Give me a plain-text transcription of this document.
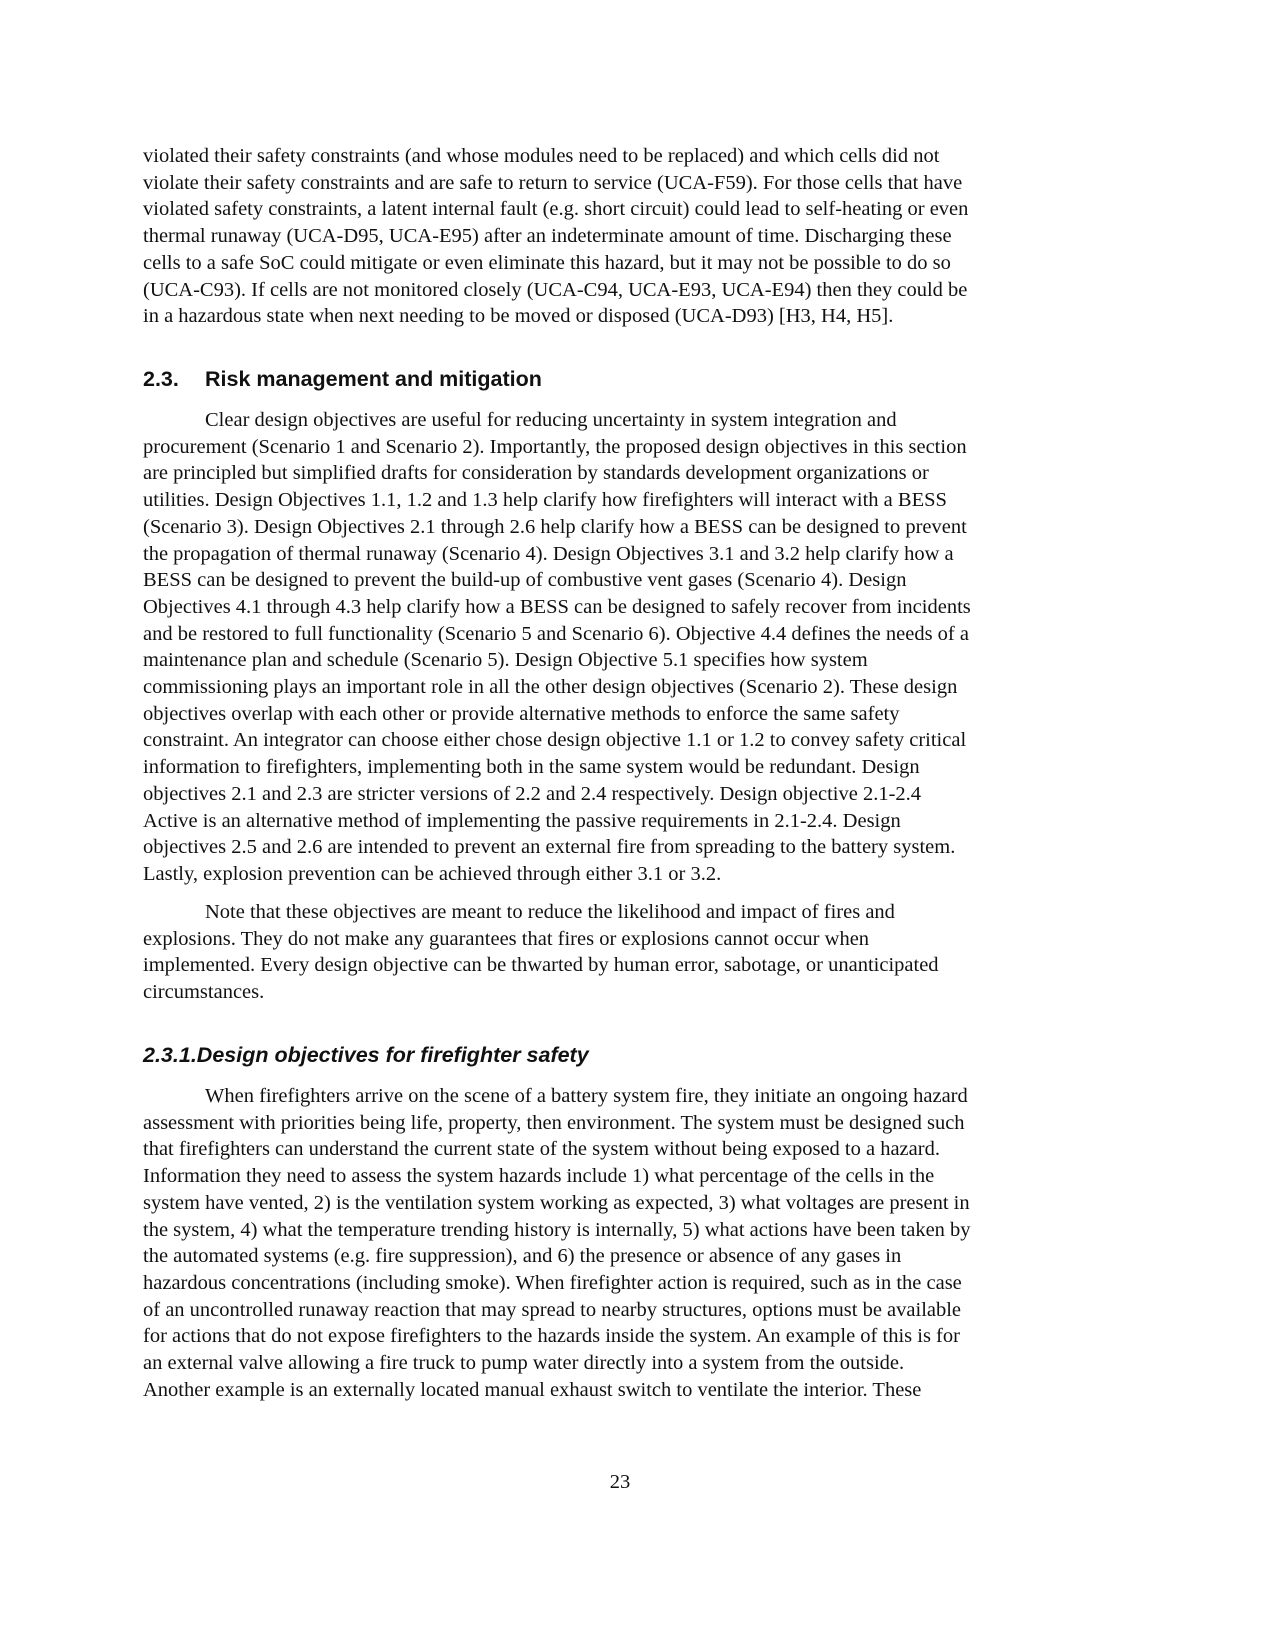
violated their safety constraints (and whose modules need to be replaced) and which cells did not
violate their safety constraints and are safe to return to service (UCA-F59). For those cells that have
violated safety constraints, a latent internal fault (e.g. short circuit) could lead to self-heating or even
thermal runaway (UCA-D95, UCA-E95) after an indeterminate amount of time. Discharging these
cells to a safe SoC could mitigate or even eliminate this hazard, but it may not be possible to do so
(UCA-C93). If cells are not monitored closely (UCA-C94, UCA-E93, UCA-E94) then they could be
in a hazardous state when next needing to be moved or disposed (UCA-D93) [H3, H4, H5].
2.3. Risk management and mitigation
Clear design objectives are useful for reducing uncertainty in system integration and
procurement (Scenario 1 and Scenario 2). Importantly, the proposed design objectives in this section
are principled but simplified drafts for consideration by standards development organizations or
utilities. Design Objectives 1.1, 1.2 and 1.3 help clarify how firefighters will interact with a BESS
(Scenario 3). Design Objectives 2.1 through 2.6 help clarify how a BESS can be designed to prevent
the propagation of thermal runaway (Scenario 4). Design Objectives 3.1 and 3.2 help clarify how a
BESS can be designed to prevent the build-up of combustive vent gases (Scenario 4). Design
Objectives 4.1 through 4.3 help clarify how a BESS can be designed to safely recover from incidents
and be restored to full functionality (Scenario 5 and Scenario 6). Objective 4.4 defines the needs of a
maintenance plan and schedule (Scenario 5). Design Objective 5.1 specifies how system
commissioning plays an important role in all the other design objectives (Scenario 2). These design
objectives overlap with each other or provide alternative methods to enforce the same safety
constraint. An integrator can choose either chose design objective 1.1 or 1.2 to convey safety critical
information to firefighters, implementing both in the same system would be redundant. Design
objectives 2.1 and 2.3 are stricter versions of 2.2 and 2.4 respectively. Design objective 2.1-2.4
Active is an alternative method of implementing the passive requirements in 2.1-2.4. Design
objectives 2.5 and 2.6 are intended to prevent an external fire from spreading to the battery system.
Lastly, explosion prevention can be achieved through either 3.1 or 3.2.
Note that these objectives are meant to reduce the likelihood and impact of fires and
explosions. They do not make any guarantees that fires or explosions cannot occur when
implemented. Every design objective can be thwarted by human error, sabotage, or unanticipated
circumstances.
2.3.1.Design objectives for firefighter safety
When firefighters arrive on the scene of a battery system fire, they initiate an ongoing hazard
assessment with priorities being life, property, then environment. The system must be designed such
that firefighters can understand the current state of the system without being exposed to a hazard.
Information they need to assess the system hazards include 1) what percentage of the cells in the
system have vented, 2) is the ventilation system working as expected, 3) what voltages are present in
the system, 4) what the temperature trending history is internally, 5) what actions have been taken by
the automated systems (e.g. fire suppression), and 6) the presence or absence of any gases in
hazardous concentrations (including smoke). When firefighter action is required, such as in the case
of an uncontrolled runaway reaction that may spread to nearby structures, options must be available
for actions that do not expose firefighters to the hazards inside the system. An example of this is for
an external valve allowing a fire truck to pump water directly into a system from the outside.
Another example is an externally located manual exhaust switch to ventilate the interior. These
23
